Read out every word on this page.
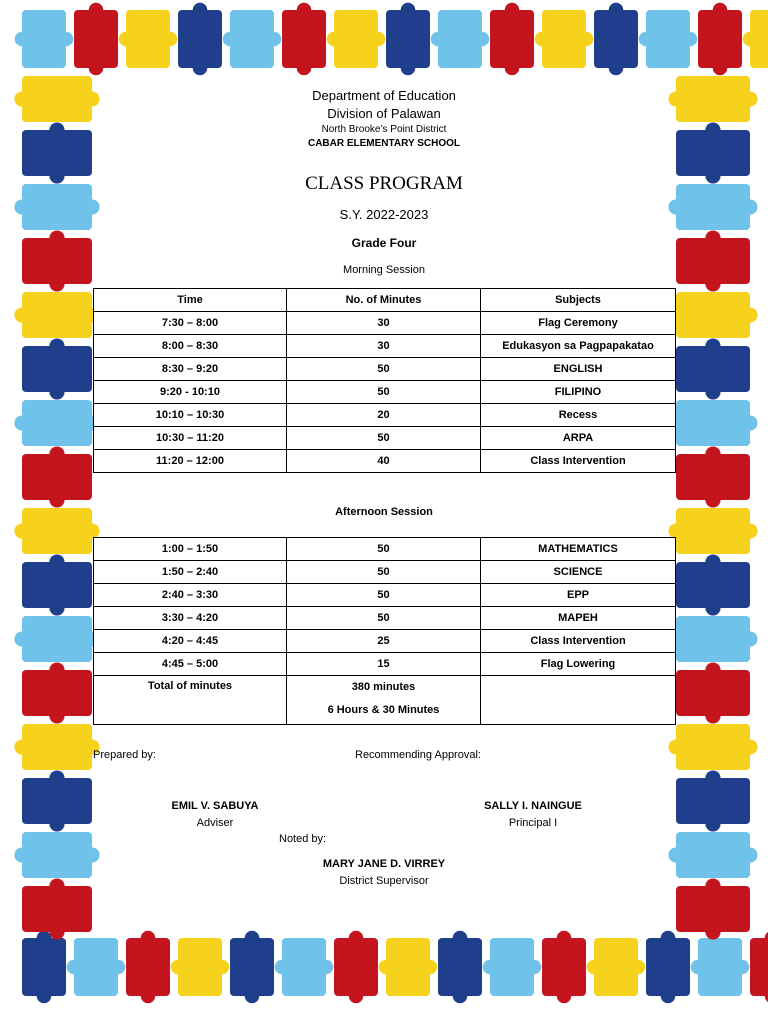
Department of Education
Division of Palawan
North Brooke’s Point District
CABAR ELEMENTARY SCHOOL
CLASS PROGRAM
S.Y. 2022-2023
Grade Four
Morning Session
Time	No. of Minutes	Subjects
7:30 – 8:00	30	Flag Ceremony
8:00 – 8:30	30	Edukasyon sa Pagpapakatao
8:30 – 9:20	50	ENGLISH
9:20 - 10:10	50	FILIPINO
10:10 – 10:30	20	Recess
10:30 – 11:20	50	ARPA
11:20 – 12:00	40	Class Intervention
Afternoon Session
1:00 – 1:50	50	MATHEMATICS
1:50 – 2:40	50	SCIENCE
2:40 – 3:30	50	EPP
3:30 – 4:20	50	MAPEH
4:20 – 4:45	25	Class Intervention
4:45 – 5:00	15	Flag Lowering
Total of minutes	380 minutes
6 Hours & 30 Minutes	

Prepared by:	Recommending Approval:
EMIL V. SABUYA
Adviser
SALLY I. NAINGUE
Principal I
Noted by:
MARY JANE D. VIRREY
District Supervisor
